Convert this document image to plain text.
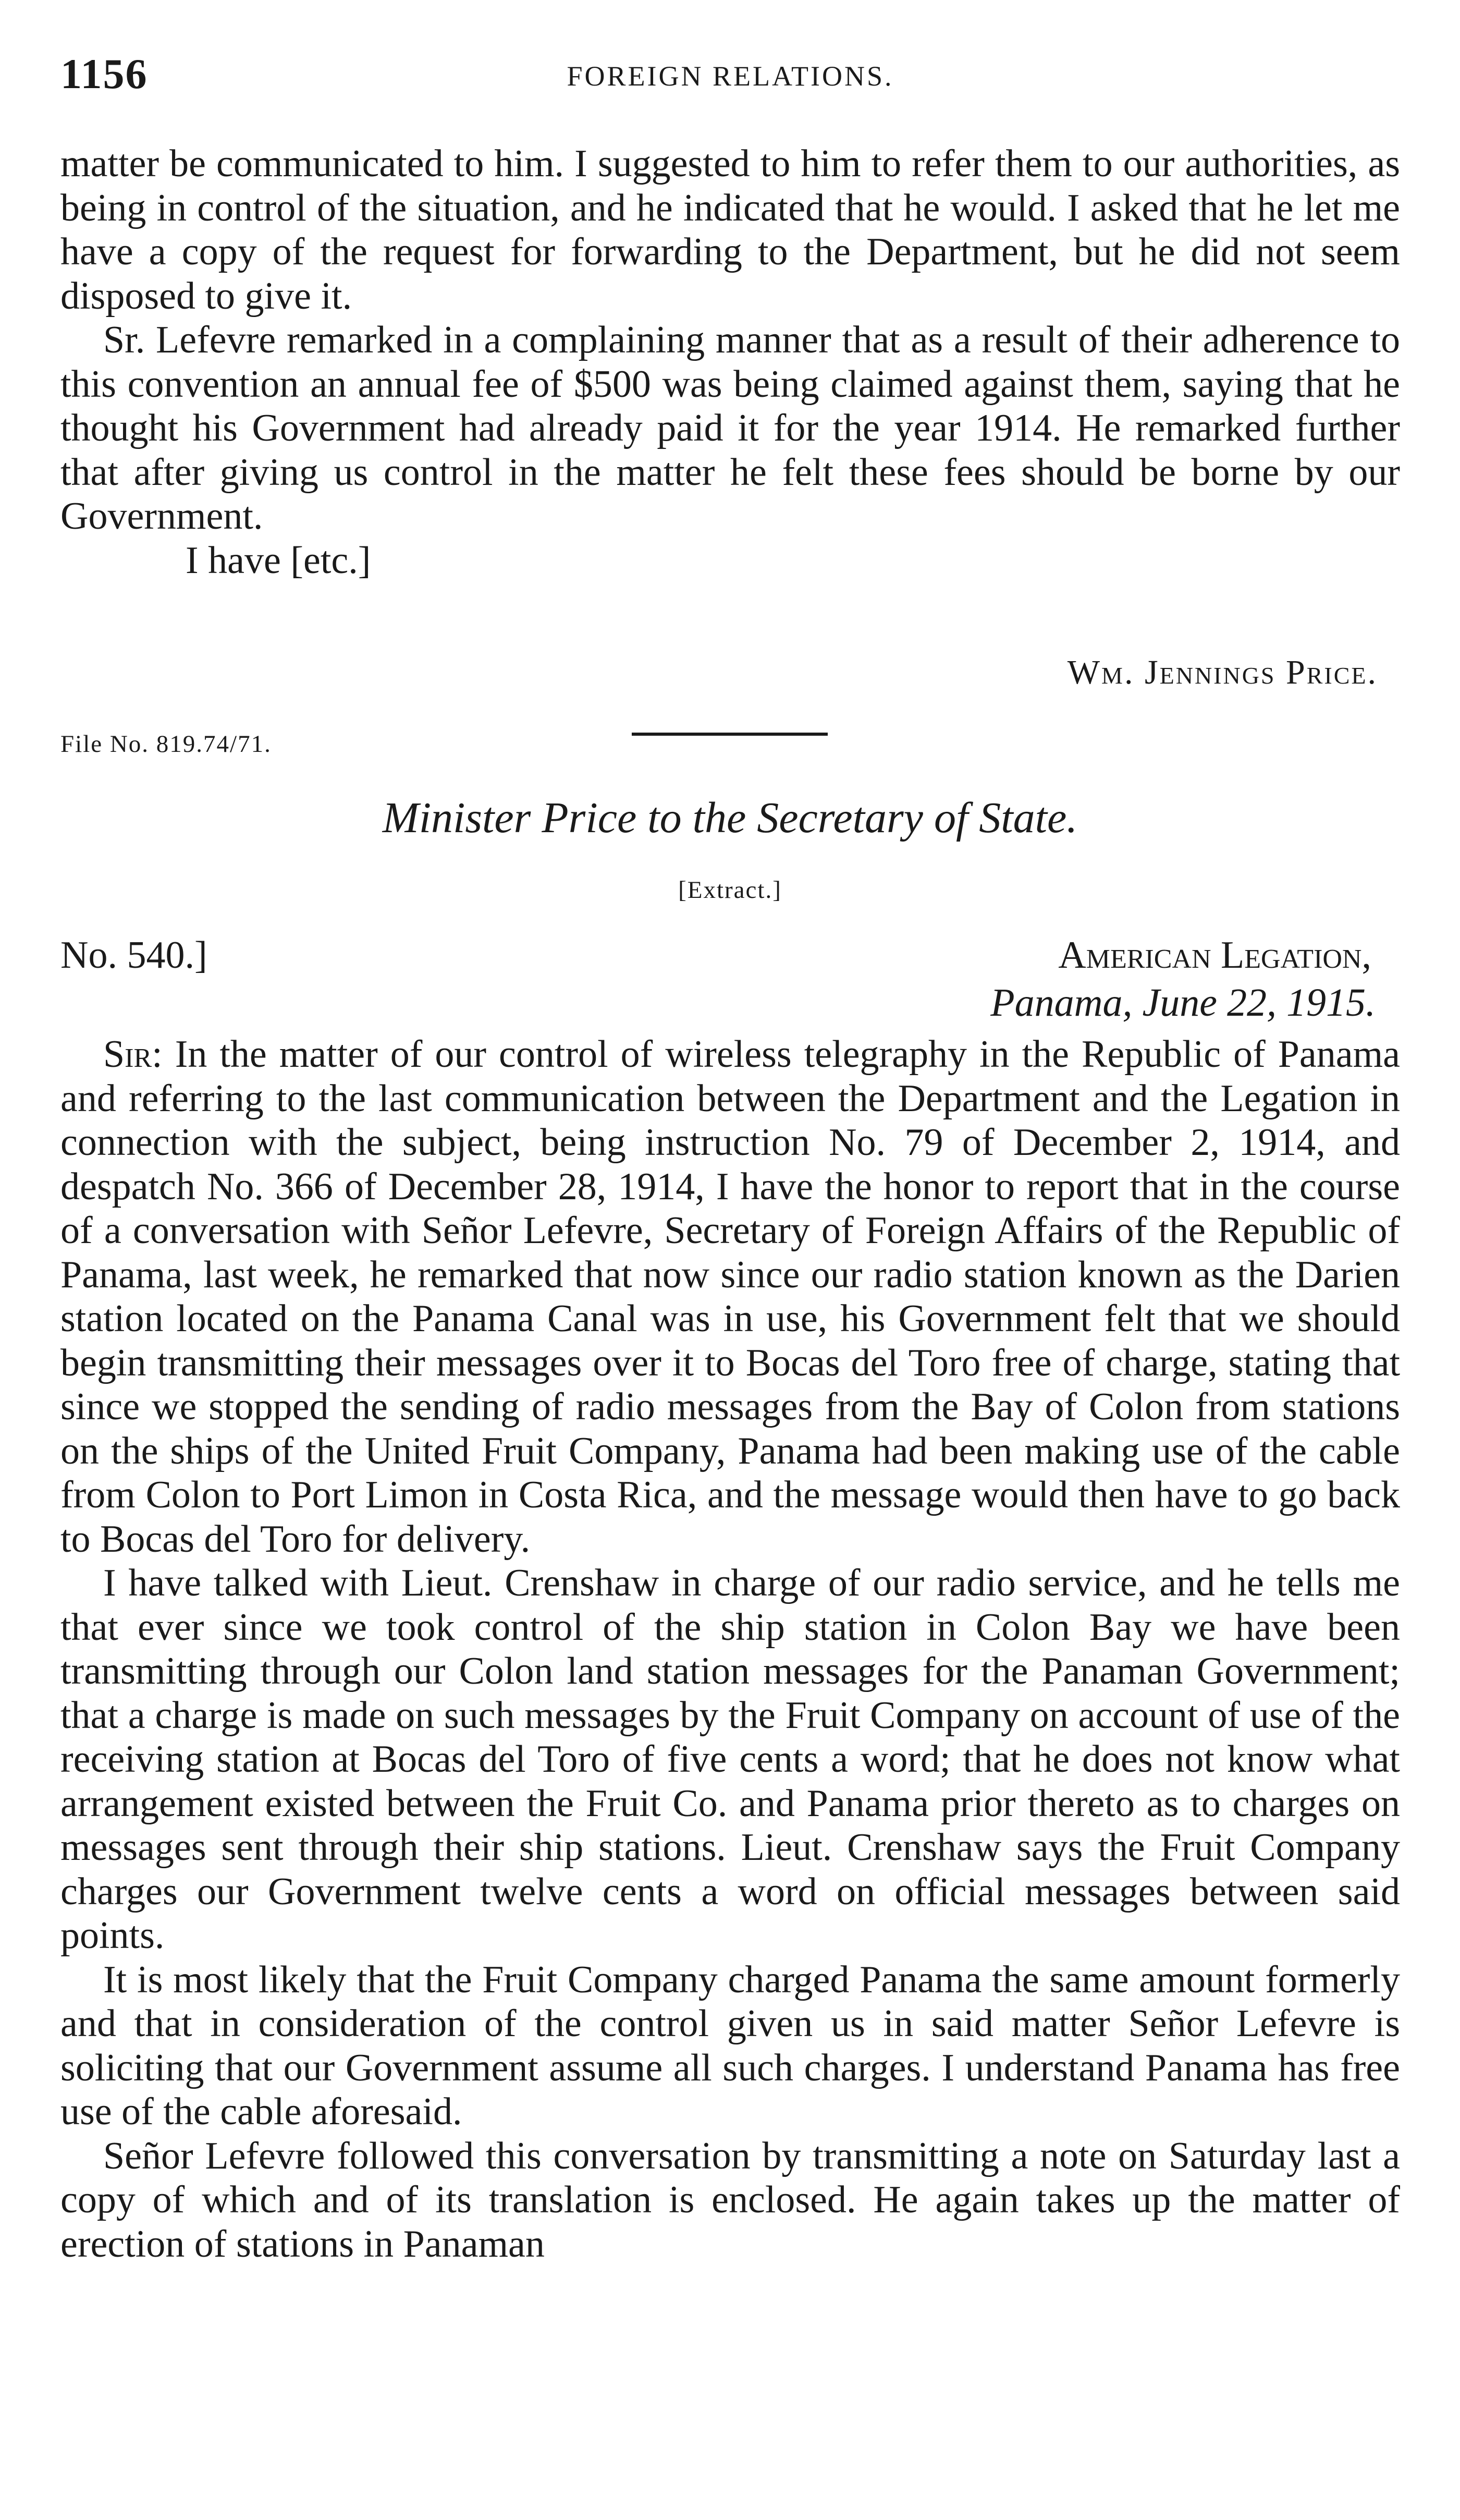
1156	FOREIGN RELATIONS.

matter be communicated to him. I suggested to him to refer them to our authorities, as being in control of the situation, and he indicated that he would. I asked that he let me have a copy of the request for forwarding to the Department, but he did not seem disposed to give it.

Sr. Lefevre remarked in a complaining manner that as a result of their adherence to this convention an annual fee of $500 was being claimed against them, saying that he thought his Government had already paid it for the year 1914. He remarked further that after giving us control in the matter he felt these fees should be borne by our Government.

I have [etc.]

Wm. Jennings Price.
File No. 819.74/71.
Minister Price to the Secretary of State.
[Extract.]
No. 540.]	American Legation,
Panama, June 22, 1915.

Sir: In the matter of our control of wireless telegraphy in the Republic of Panama and referring to the last communication between the Department and the Legation in connection with the subject, being instruction No. 79 of December 2, 1914, and despatch No. 366 of December 28, 1914, I have the honor to report that in the course of a conversation with Señor Lefevre, Secretary of Foreign Affairs of the Republic of Panama, last week, he remarked that now since our radio station known as the Darien station located on the Panama Canal was in use, his Government felt that we should begin transmitting their messages over it to Bocas del Toro free of charge, stating that since we stopped the sending of radio messages from the Bay of Colon from stations on the ships of the United Fruit Company, Panama had been making use of the cable from Colon to Port Limon in Costa Rica, and the message would then have to go back to Bocas del Toro for delivery.

I have talked with Lieut. Crenshaw in charge of our radio service, and he tells me that ever since we took control of the ship station in Colon Bay we have been transmitting through our Colon land station messages for the Panaman Government; that a charge is made on such messages by the Fruit Company on account of use of the receiving station at Bocas del Toro of five cents a word; that he does not know what arrangement existed between the Fruit Co. and Panama prior thereto as to charges on messages sent through their ship stations. Lieut. Crenshaw says the Fruit Company charges our Government twelve cents a word on official messages between said points.

It is most likely that the Fruit Company charged Panama the same amount formerly and that in consideration of the control given us in said matter Señor Lefevre is soliciting that our Government assume all such charges. I understand Panama has free use of the cable aforesaid.

Señor Lefevre followed this conversation by transmitting a note on Saturday last a copy of which and of its translation is enclosed. He again takes up the matter of erection of stations in Panaman
